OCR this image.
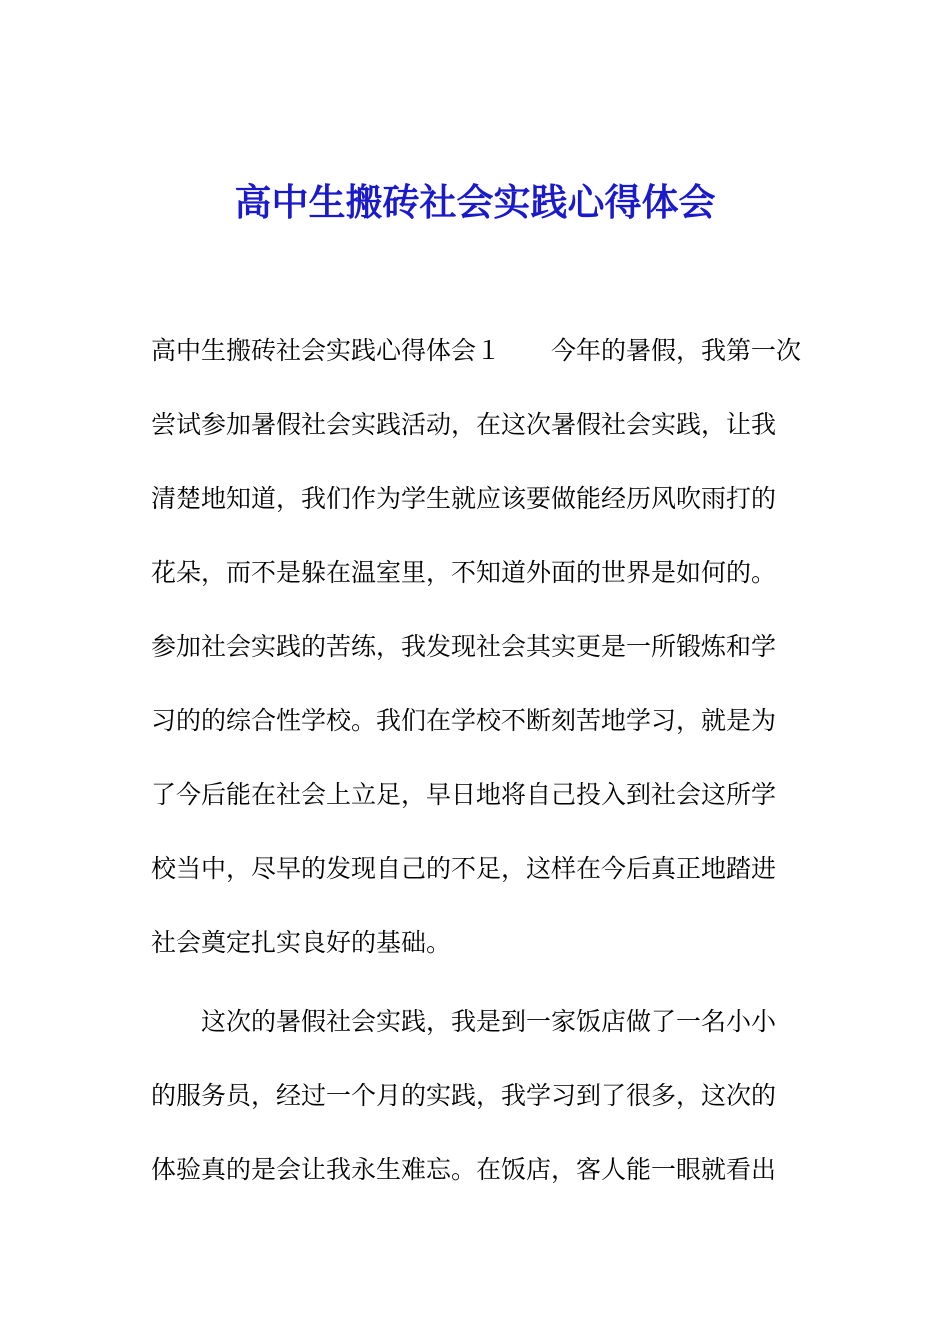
高中生搬砖社会实践心得体会
高中生搬砖社会实践心得体会１　　今年的暑假，我第一次
尝试参加暑假社会实践活动，在这次暑假社会实践，让我
清楚地知道，我们作为学生就应该要做能经历风吹雨打的
花朵，而不是躲在温室里，不知道外面的世界是如何的。
参加社会实践的苦练，我发现社会其实更是一所锻炼和学
习的的综合性学校。我们在学校不断刻苦地学习，就是为
了今后能在社会上立足，早日地将自己投入到社会这所学
校当中，尽早的发现自己的不足，这样在今后真正地踏进
社会奠定扎实良好的基础。
这次的暑假社会实践，我是到一家饭店做了一名小小
的服务员，经过一个月的实践，我学习到了很多，这次的
体验真的是会让我永生难忘。在饭店，客人能一眼就看出
